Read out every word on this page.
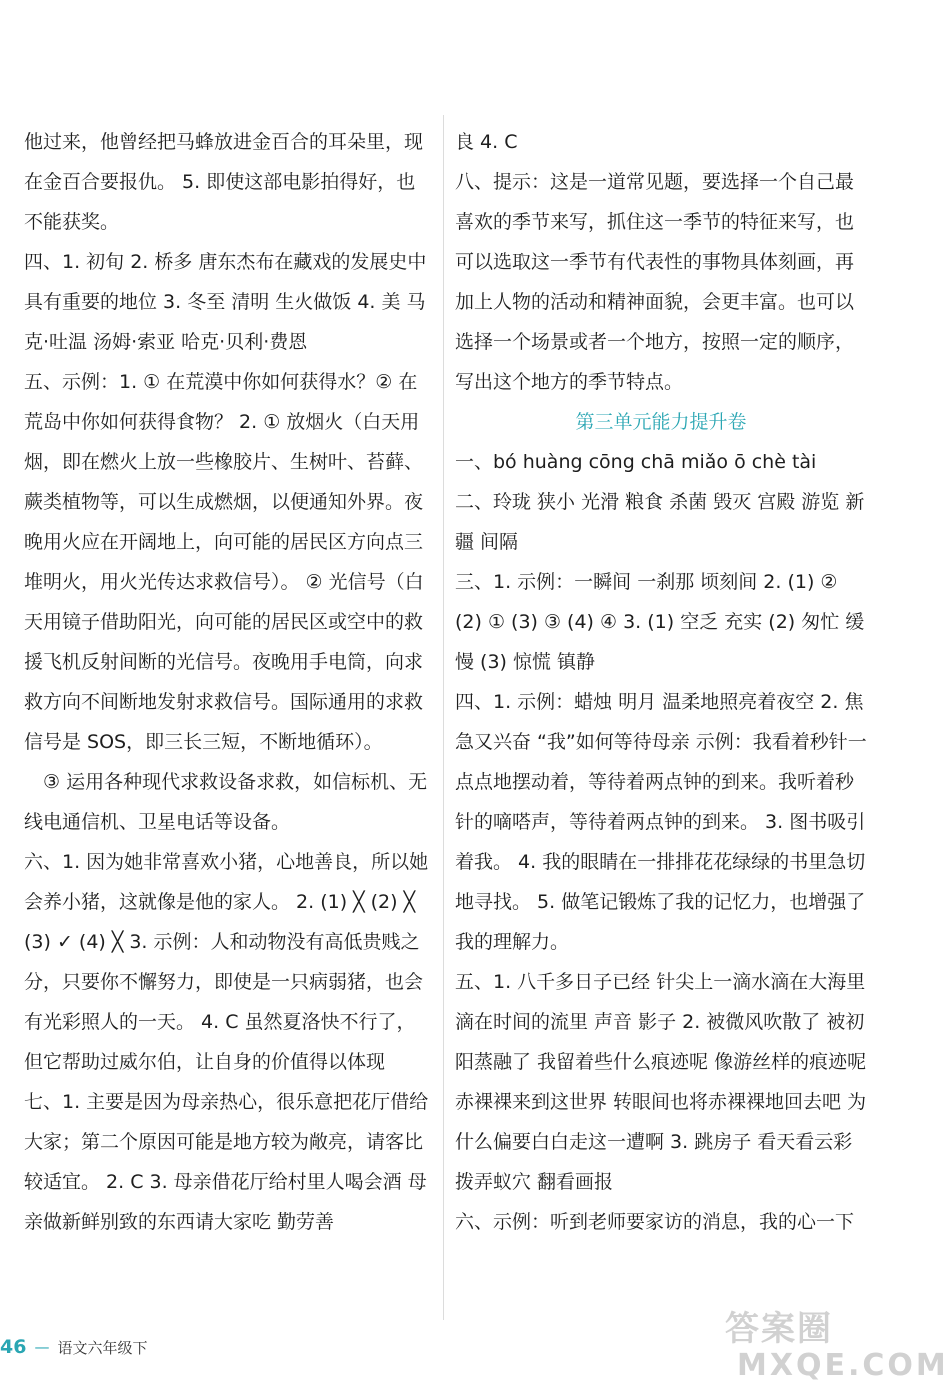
他过来，他曾经把马蜂放进金百合的耳朵里，现在金百合要报仇。 5. 即使这部电影拍得好，也不能获奖。

四、1. 初旬 2. 桥多 唐东杰布在藏戏的发展史中具有重要的地位 3. 冬至 清明 生火做饭 4. 美 马克·吐温 汤姆·索亚 哈克·贝利·费恩

五、示例：1. ① 在荒漠中你如何获得水？② 在荒岛中你如何获得食物？ 2. ① 放烟火（白天用烟，即在燃火上放一些橡胶片、生树叶、苔藓、蕨类植物等，可以生成燃烟，以便通知外界。夜晚用火应在开阔地上，向可能的居民区方向点三堆明火，用火光传达求救信号）。 ② 光信号（白天用镜子借助阳光，向可能的居民区或空中的救援飞机反射间断的光信号。夜晚用手电筒，向求救方向不间断地发射求救信号。国际通用的求救信号是 SOS，即三长三短，不断地循环）。

③ 运用各种现代求救设备求救，如信标机、无线电通信机、卫星电话等设备。

六、1. 因为她非常喜欢小猪，心地善良，所以她会养小猪，这就像是他的家人。 2. (1) ╳ (2) ╳ (3) ✓ (4) ╳ 3. 示例：人和动物没有高低贵贱之分，只要你不懈努力，即使是一只病弱猪，也会有光彩照人的一天。 4. C 虽然夏洛快不行了，但它帮助过威尔伯，让自身的价值得以体现

七、1. 主要是因为母亲热心，很乐意把花厅借给大家；第二个原因可能是地方较为敞亮，请客比较适宜。 2. C 3. 母亲借花厅给村里人喝会酒 母亲做新鲜别致的东西请大家吃 勤劳善

良 4. C

八、提示：这是一道常见题，要选择一个自己最喜欢的季节来写，抓住这一季节的特征来写，也可以选取这一季节有代表性的事物具体刻画，再加上人物的活动和精神面貌，会更丰富。也可以选择一个场景或者一个地方，按照一定的顺序，写出这个地方的季节特点。

第三单元能力提升卷

一、bó huàng cōng chā miǎo ō chè tài

二、玲珑 狭小 光滑 粮食 杀菌 毁灭 宫殿 游览 新疆 间隔

三、1. 示例：一瞬间 一刹那 顷刻间 2. (1) ② (2) ① (3) ③ (4) ④ 3. (1) 空乏 充实 (2) 匆忙 缓慢 (3) 惊慌 镇静

四、1. 示例：蜡烛 明月 温柔地照亮着夜空 2. 焦急又兴奋 “我”如何等待母亲 示例：我看着秒针一点点地摆动着，等待着两点钟的到来。我听着秒针的嘀嗒声，等待着两点钟的到来。 3. 图书吸引着我。 4. 我的眼睛在一排排花花绿绿的书里急切地寻找。 5. 做笔记锻炼了我的记忆力，也增强了我的理解力。

五、1. 八千多日子已经 针尖上一滴水滴在大海里 滴在时间的流里 声音 影子 2. 被微风吹散了 被初阳蒸融了 我留着些什么痕迹呢 像游丝样的痕迹呢 赤裸裸来到这世界 转眼间也将赤裸裸地回去吧 为什么偏要白白走这一遭啊 3. 跳房子 看天看云彩 拨弄蚁穴 翻看画报

六、示例：听到老师要家访的消息，我的心一下

46 — 语文六年级下	答案圈
MXQE.COM
